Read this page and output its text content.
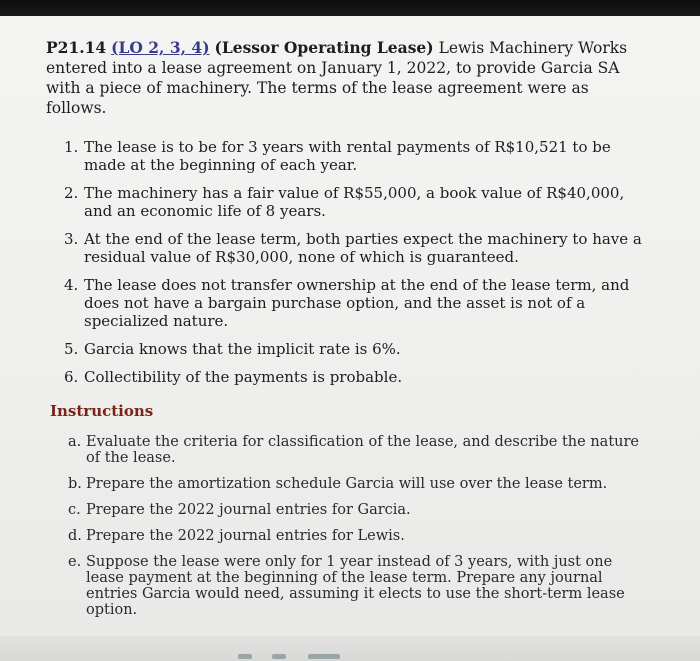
P21.14 (LO 2, 3, 4) (Lessor Operating Lease) Lewis Machinery Works entered into a lease agreement on January 1, 2022, to provide Garcia SA with a piece of machinery. The terms of the lease agreement were as follows.

1. The lease is to be for 3 years with rental payments of R$10,521 to be made at the beginning of each year.
2. The machinery has a fair value of R$55,000, a book value of R$40,000, and an economic life of 8 years.
3. At the end of the lease term, both parties expect the machinery to have a residual value of R$30,000, none of which is guaranteed.
4. The lease does not transfer ownership at the end of the lease term, and does not have a bargain purchase option, and the asset is not of a specialized nature.
5. Garcia knows that the implicit rate is 6%.
6. Collectibility of the payments is probable.
Instructions
a. Evaluate the criteria for classification of the lease, and describe the nature of the lease.
b. Prepare the amortization schedule Garcia will use over the lease term.
c. Prepare the 2022 journal entries for Garcia.
d. Prepare the 2022 journal entries for Lewis.
e. Suppose the lease were only for 1 year instead of 3 years, with just one lease payment at the beginning of the lease term. Prepare any journal entries Garcia would need, assuming it elects to use the short-term lease option.
